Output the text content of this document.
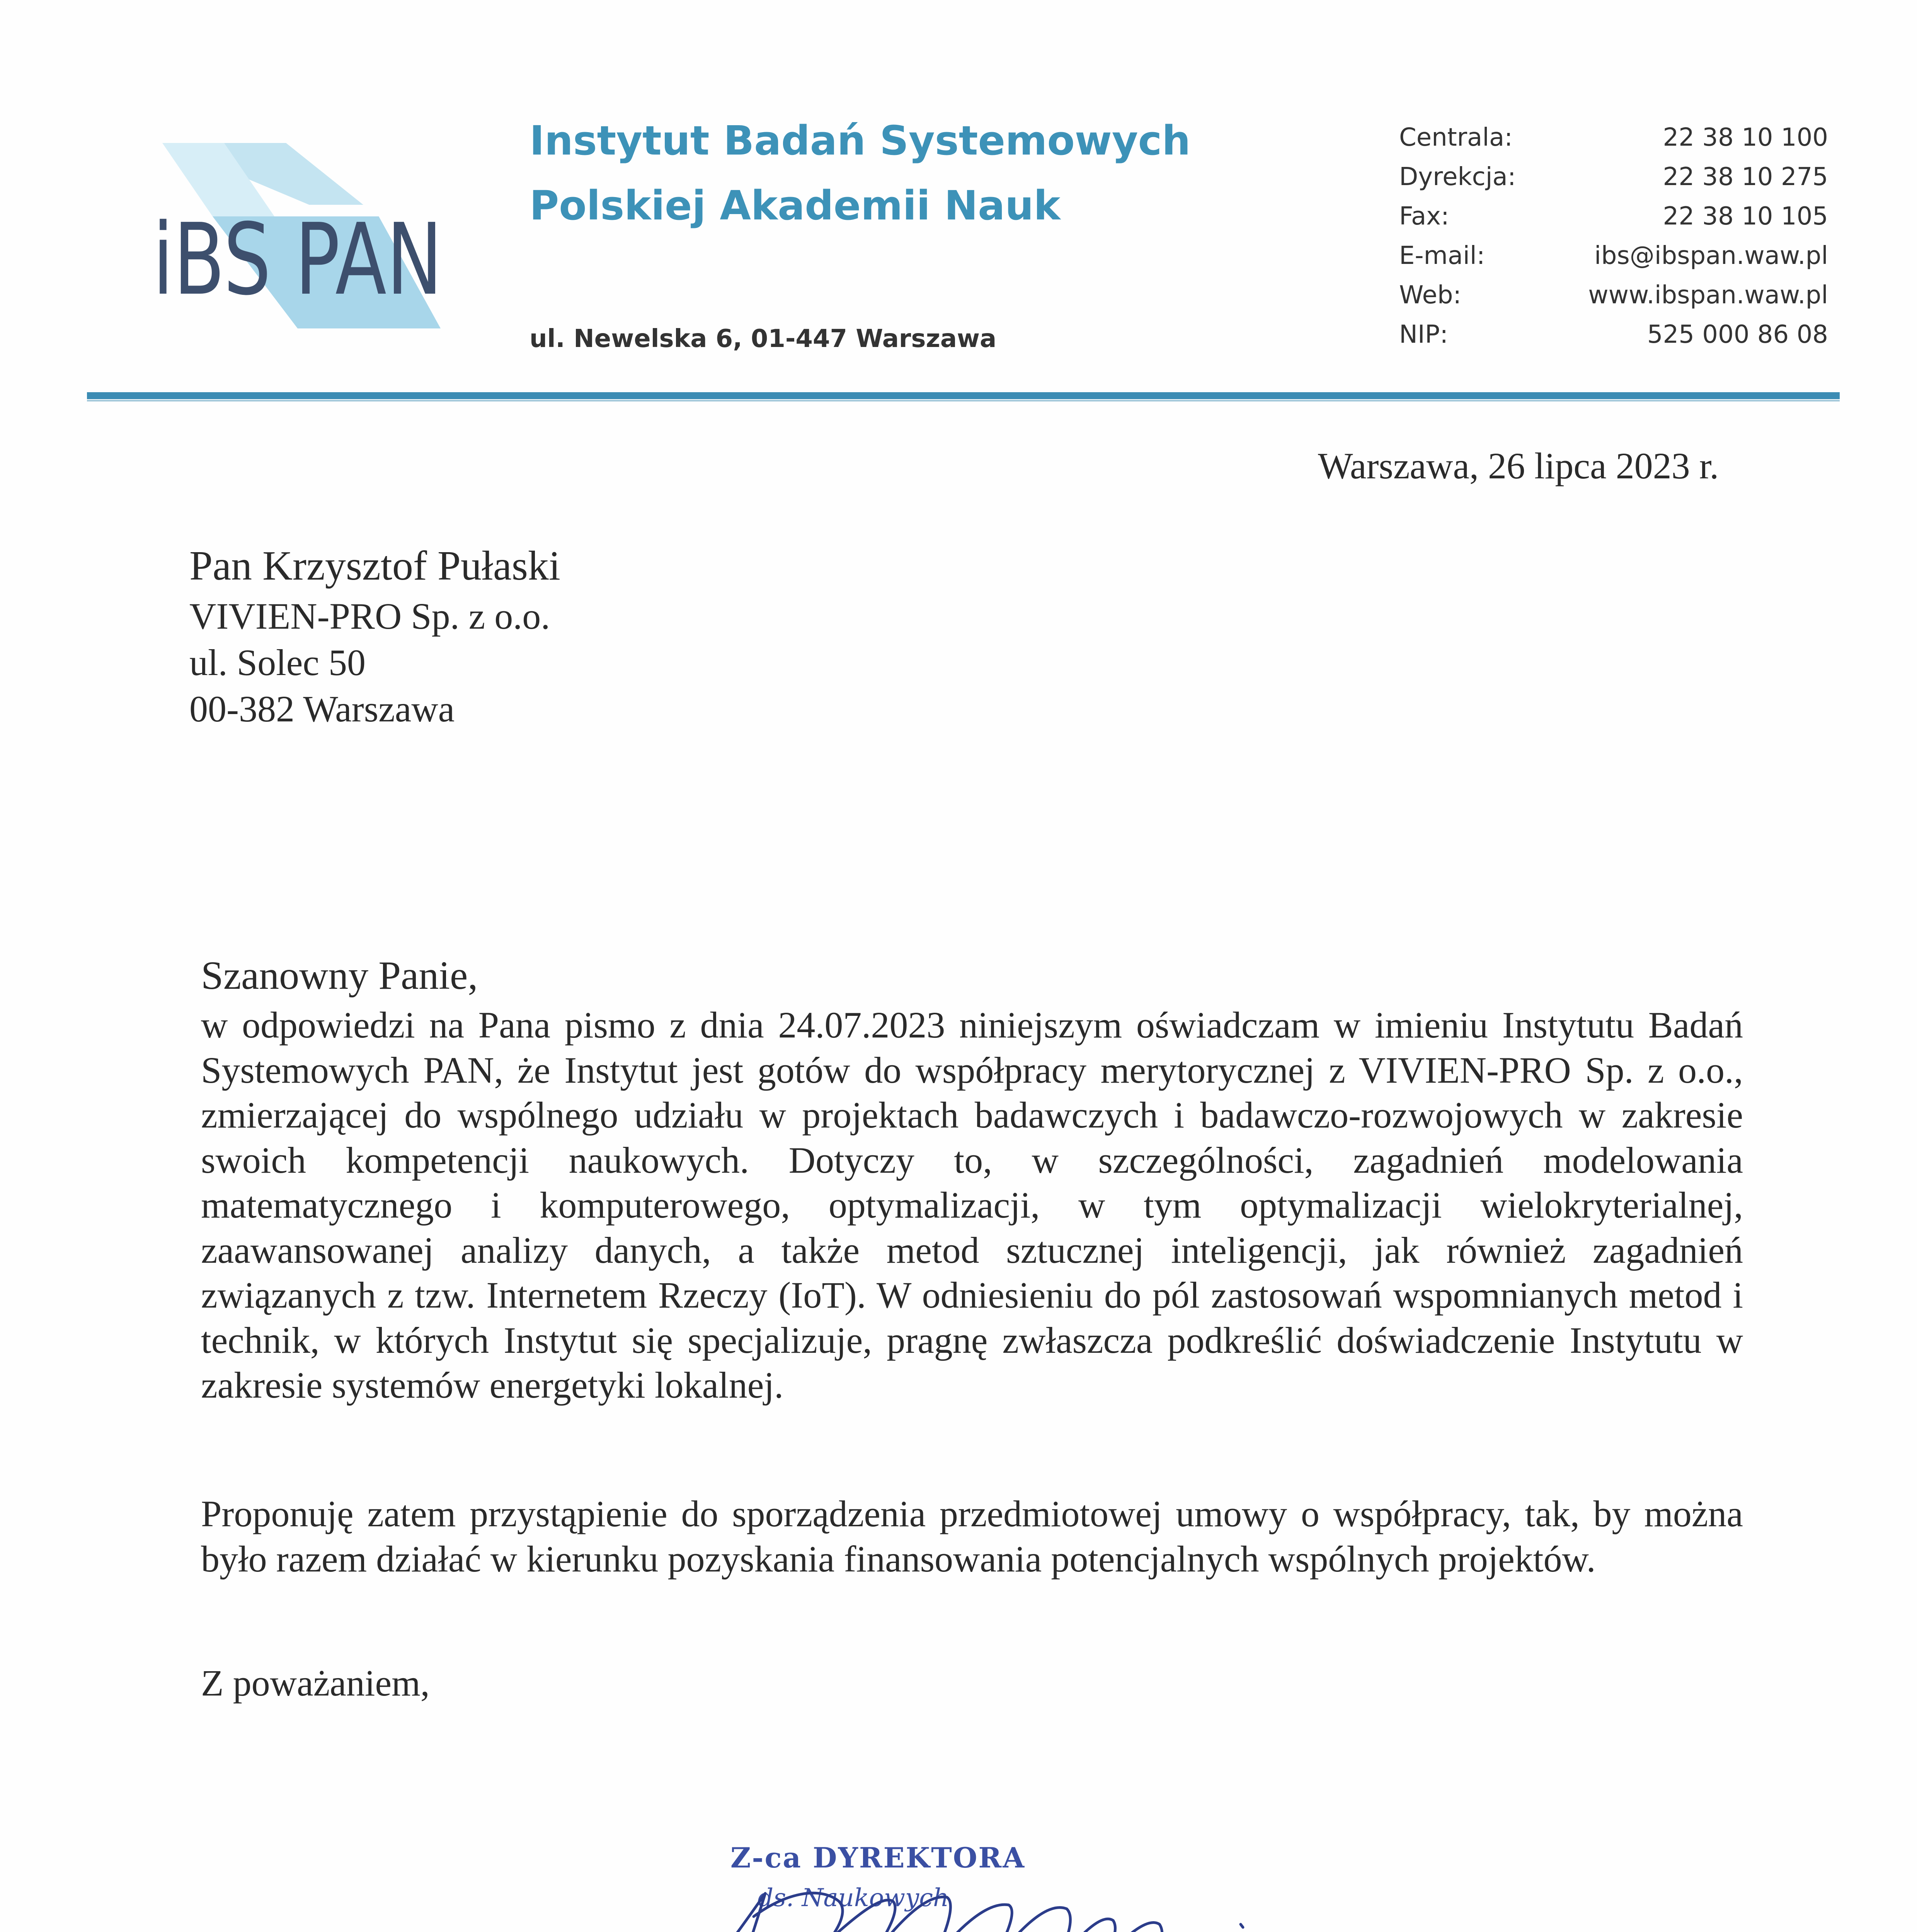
iBS PAN
Instytut Badań Systemowych
Polskiej Akademii Nauk
ul. Newelska 6, 01-447 Warszawa
Centrala:	22 38 10 100
Dyrekcja:	22 38 10 275
Fax:	22 38 10 105
E-mail:	ibs@ibspan.waw.pl
Web:	www.ibspan.waw.pl
NIP:	525 000 86 08
Warszawa, 26 lipca 2023 r.
Pan Krzysztof Pułaski
VIVIEN-PRO Sp. z o.o.
ul. Solec 50
00-382 Warszawa
Szanowny Panie,
w odpowiedzi na Pana pismo z dnia 24.07.2023 niniejszym oświadczam w imieniu Instytutu Badań Systemowych PAN, że Instytut jest gotów do współpracy merytorycznej z VIVIEN-PRO Sp. z o.o., zmierzającej do wspólnego udziału w projektach badawczych i badawczo-rozwojowych w zakresie swoich kompetencji naukowych. Dotyczy to, w szczególności, zagadnień modelowania matematycznego i komputerowego, optymalizacji, w tym optymalizacji wielokryterialnej, zaawansowanej analizy danych, a także metod sztucznej inteligencji, jak również zagadnień związanych z tzw. Internetem Rzeczy (IoT). W odniesieniu do pól zastosowań wspomnianych metod i technik, w których Instytut się specjalizuje, pragnę zwłaszcza podkreślić doświadczenie Instytutu w zakresie systemów energetyki lokalnej.
Proponuję zatem przystąpienie do sporządzenia przedmiotowej umowy o współpracy, tak, by można było razem działać w kierunku pozyskania finansowania potencjalnych wspólnych projektów.
Z poważaniem,
Z-ca DYREKTORA
ds. Naukowych
